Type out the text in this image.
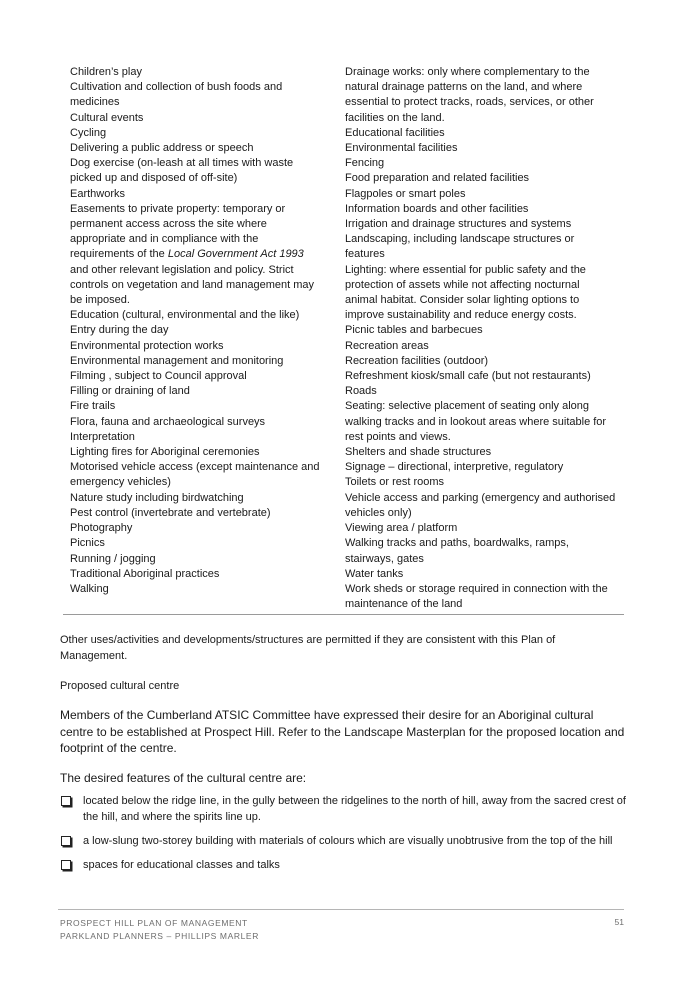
Children’s play

Cultivation and collection of bush foods and

medicines

Cultural events

Cycling

Delivering a public address or speech

Dog exercise (on-leash at all times with waste

picked up and disposed of off-site)

Earthworks

Easements to private property: temporary or

permanent access across the site where

appropriate and in compliance with the

requirements of the Local Government Act 1993

and other relevant legislation and policy. Strict

controls on vegetation and land management may

be imposed.

Education (cultural, environmental and the like)

Entry during the day

Environmental protection works

Environmental management and monitoring

Filming , subject to Council approval

Filling or draining of land

Fire trails

Flora, fauna and archaeological surveys

Interpretation

Lighting fires for Aboriginal ceremonies

Motorised vehicle access (except maintenance and

emergency vehicles)

Nature study including birdwatching

Pest control (invertebrate and vertebrate)

Photography

Picnics

Running / jogging

Traditional Aboriginal practices

Walking

Drainage works: only where complementary to the

natural drainage patterns on the land, and where

essential to protect tracks, roads, services, or other

facilities on the land.

Educational facilities

Environmental facilities

Fencing

Food preparation and related facilities

Flagpoles or smart poles

Information boards and other facilities

Irrigation and drainage structures and systems

Landscaping, including landscape structures or

features

Lighting: where essential for public safety and the

protection of assets while not affecting nocturnal

animal habitat. Consider solar lighting options to

improve sustainability and reduce energy costs.

Picnic tables and barbecues

Recreation areas

Recreation facilities (outdoor)

Refreshment kiosk/small cafe (but not restaurants)

Roads

Seating: selective placement of seating only along

walking tracks and in lookout areas where suitable for

rest points and views.

Shelters and shade structures

Signage – directional, interpretive, regulatory

Toilets or rest rooms

Vehicle access and parking (emergency and authorised

vehicles only)

Viewing area / platform

Walking tracks and paths, boardwalks, ramps,

stairways, gates

Water tanks

Work sheds or storage required in connection with the

maintenance of the land

Other uses/activities and developments/structures are permitted if they are consistent with this Plan of Management.

Proposed cultural centre

Members of the Cumberland ATSIC Committee have expressed their desire for an Aboriginal cultural centre to be established at Prospect Hill. Refer to the Landscape Masterplan for the proposed location and footprint of the centre.

The desired features of the cultural centre are:

located below the ridge line, in the gully between the ridgelines to the north of hill, away from the sacred crest of the hill, and where the spirits line up.
a low-slung two-storey building with materials of colours which are visually unobtrusive from the top of the hill
spaces for educational classes and talks
PROSPECT HILL PLAN OF MANAGEMENT
PARKLAND PLANNERS – PHILLIPS MARLER
51
